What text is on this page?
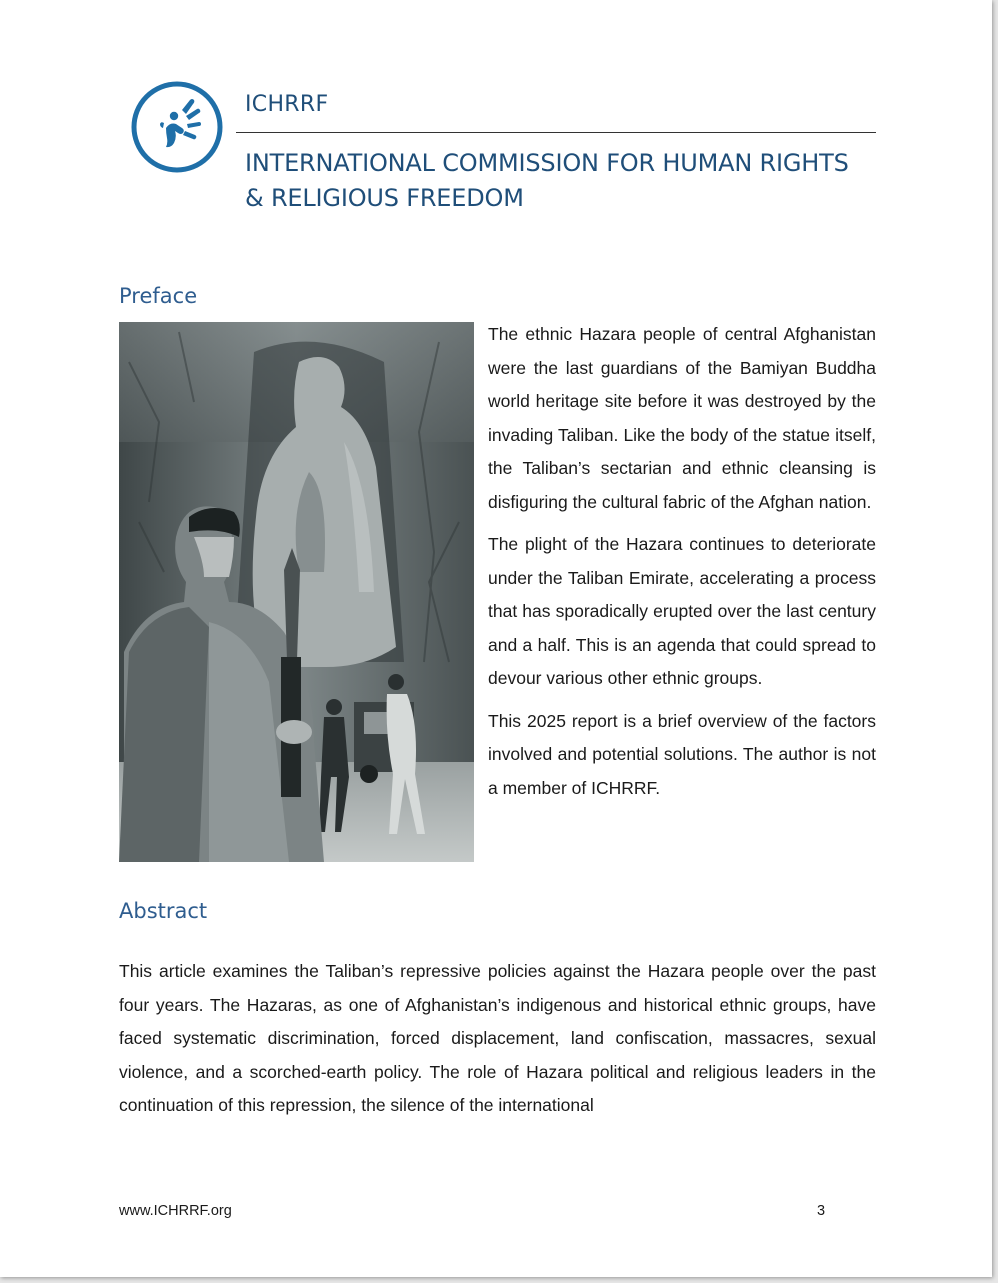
ICHRRF
INTERNATIONAL COMMISSION FOR HUMAN RIGHTS
& RELIGIOUS FREEDOM
Preface

The ethnic Hazara people of central Afghanistan were the last guardians of the Bamiyan Buddha world heritage site before it was destroyed by the invading Taliban. Like the body of the statue itself, the Taliban’s sectarian and ethnic cleansing is disfiguring the cultural fabric of the Afghan nation.

The plight of the Hazara continues to deteriorate under the Taliban Emirate, accelerating a process that has sporadically erupted over the last century and a half. This is an agenda that could spread to devour various other ethnic groups.

This 2025 report is a brief overview of the factors involved and potential solutions. The author is not a member of ICHRRF.

Abstract

This article examines the Taliban’s repressive policies against the Hazara people over the past four years. The Hazaras, as one of Afghanistan’s indigenous and historical ethnic groups, have faced systematic discrimination, forced displacement, land confiscation, massacres, sexual violence, and a scorched-earth policy. The role of Hazara political and religious leaders in the continuation of this repression, the silence of the international

www.ICHRRF.org	3
